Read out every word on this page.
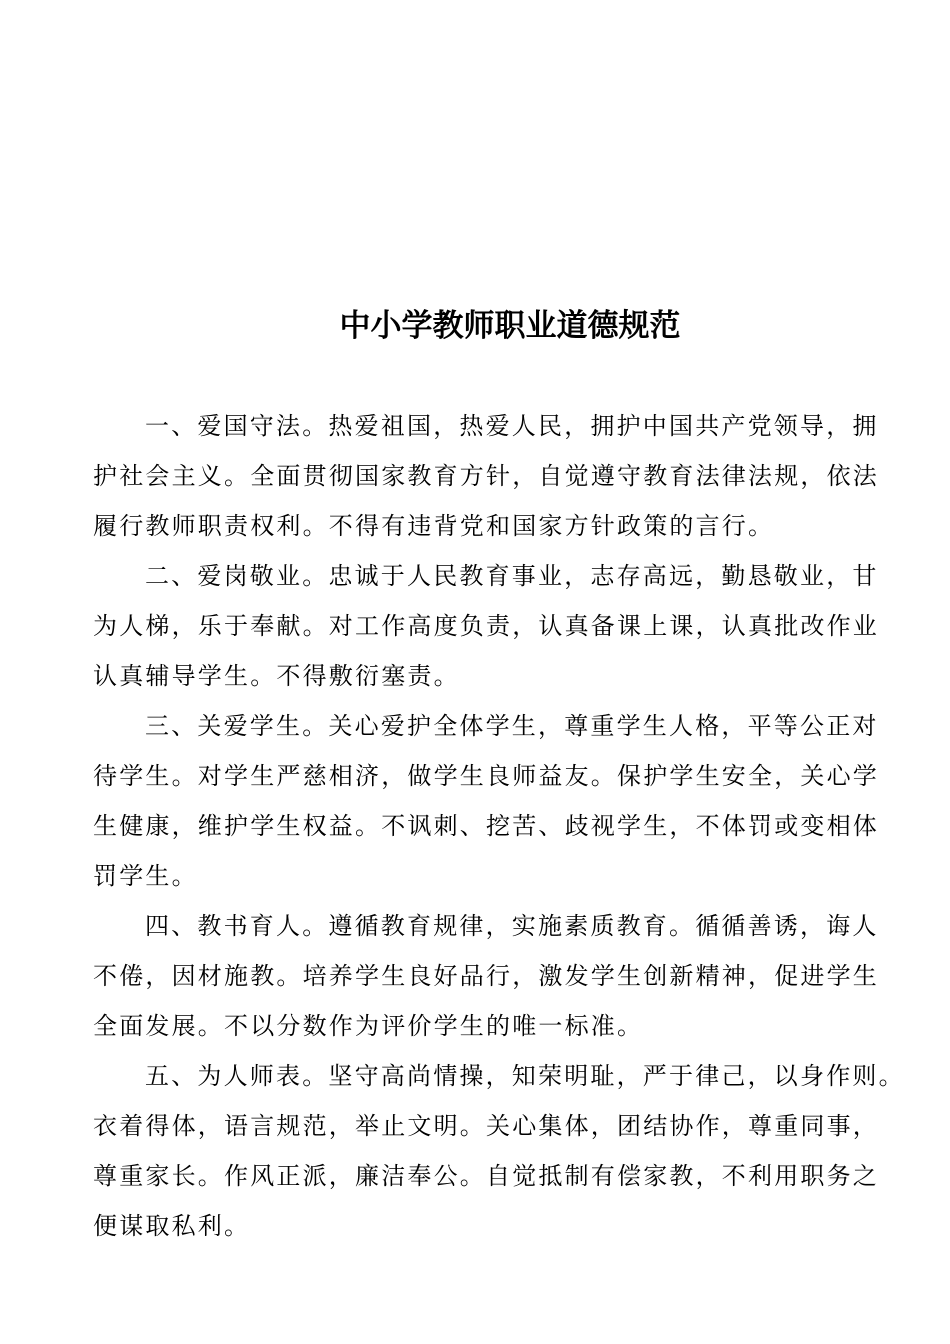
中小学教师职业道德规范
一、爱国守法。热爱祖国，热爱人民，拥护中国共产党领导，拥
护社会主义。全面贯彻国家教育方针，自觉遵守教育法律法规，依法
履行教师职责权利。不得有违背党和国家方针政策的言行。
二、爱岗敬业。忠诚于人民教育事业，志存高远，勤恳敬业，甘
为人梯，乐于奉献。对工作高度负责，认真备课上课，认真批改作业
认真辅导学生。不得敷衍塞责。
三、关爱学生。关心爱护全体学生，尊重学生人格，平等公正对
待学生。对学生严慈相济，做学生良师益友。保护学生安全，关心学
生健康，维护学生权益。不讽刺、挖苦、歧视学生，不体罚或变相体
罚学生。
四、教书育人。遵循教育规律，实施素质教育。循循善诱，诲人
不倦，因材施教。培养学生良好品行，激发学生创新精神，促进学生
全面发展。不以分数作为评价学生的唯一标准。
五、为人师表。坚守高尚情操，知荣明耻，严于律己，以身作则。
衣着得体，语言规范，举止文明。关心集体，团结协作，尊重同事，
尊重家长。作风正派，廉洁奉公。自觉抵制有偿家教，不利用职务之
便谋取私利。
